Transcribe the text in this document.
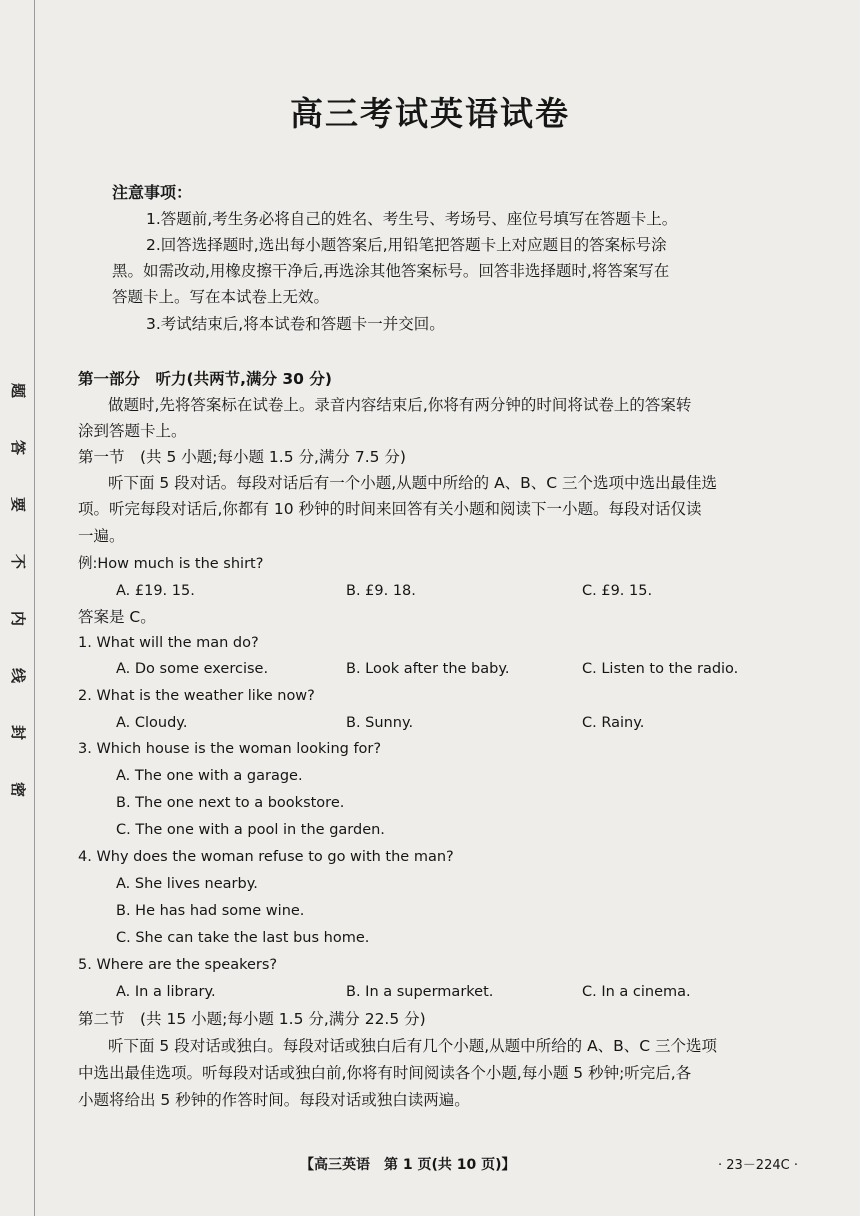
题
答
要
不
内
线
封
密
高三考试英语试卷
注意事项：
1.答题前,考生务必将自己的姓名、考生号、考场号、座位号填写在答题卡上。
2.回答选择题时,选出每小题答案后,用铅笔把答题卡上对应题目的答案标号涂
黑。如需改动,用橡皮擦干净后,再选涂其他答案标号。回答非选择题时,将答案写在
答题卡上。写在本试卷上无效。
3.考试结束后,将本试卷和答题卡一并交回。
第一部分　听力(共两节,满分 30 分)
做题时,先将答案标在试卷上。录音内容结束后,你将有两分钟的时间将试卷上的答案转
涂到答题卡上。
第一节　(共 5 小题;每小题 1.5 分,满分 7.5 分)
听下面 5 段对话。每段对话后有一个小题,从题中所给的 A、B、C 三个选项中选出最佳选
项。听完每段对话后,你都有 10 秒钟的时间来回答有关小题和阅读下一小题。每段对话仅读
一遍。
例:How much is the shirt?
A. £19. 15.	B. £9. 18.	C. £9. 15.
答案是 C。
1. What will the man do?
A. Do some exercise.	B. Look after the baby.	C. Listen to the radio.
2. What is the weather like now?
A. Cloudy.	B. Sunny.	C. Rainy.
3. Which house is the woman looking for?
A. The one with a garage.
B. The one next to a bookstore.
C. The one with a pool in the garden.
4. Why does the woman refuse to go with the man?
A. She lives nearby.
B. He has had some wine.
C. She can take the last bus home.
5. Where are the speakers?
A. In a library.	B. In a supermarket.	C. In a cinema.
第二节　(共 15 小题;每小题 1.5 分,满分 22.5 分)
听下面 5 段对话或独白。每段对话或独白后有几个小题,从题中所给的 A、B、C 三个选项
中选出最佳选项。听每段对话或独白前,你将有时间阅读各个小题,每小题 5 秒钟;听完后,各
小题将给出 5 秒钟的作答时间。每段对话或独白读两遍。
【高三英语　第 1 页(共 10 页)】	· 23－224C ·
